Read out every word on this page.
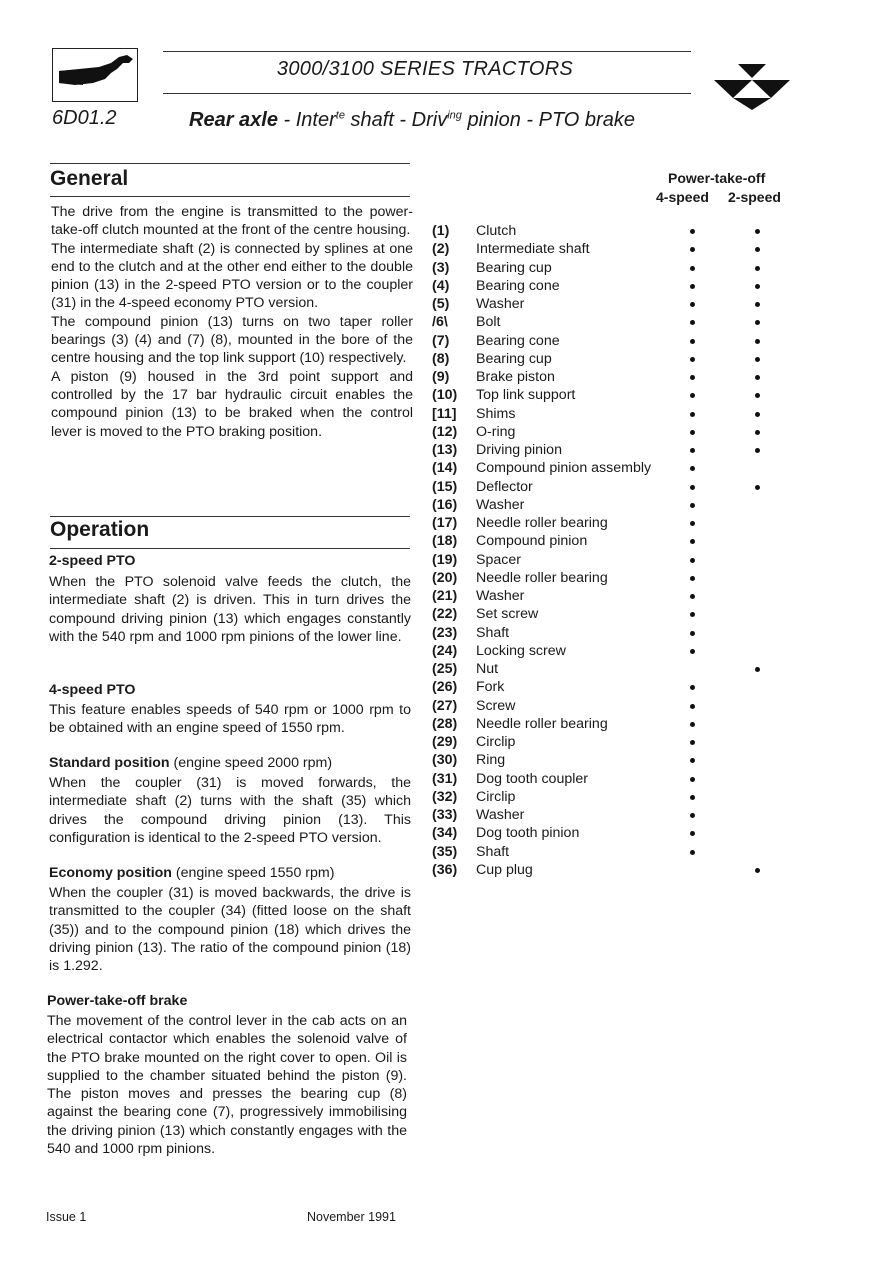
3000/3100 SERIES TRACTORS
6D01.2	Rear axle - Inter$^{te}$ shaft - Driv$^{ing}$ pinion - PTO brake
General
The drive from the engine is transmitted to the power-take-off clutch mounted at the front of the centre housing.
The intermediate shaft (2) is connected by splines at one end to the clutch and at the other end either to the double pinion (13) in the 2-speed PTO version or to the coupler (31) in the 4-speed economy PTO version.
The compound pinion (13) turns on two taper roller bearings (3) (4) and (7) (8), mounted in the bore of the centre housing and the top link support (10) respectively.
A piston (9) housed in the 3rd point support and controlled by the 17 bar hydraulic circuit enables the compound pinion (13) to be braked when the control lever is moved to the PTO braking position.
Operation
2-speed PTO
When the PTO solenoid valve feeds the clutch, the intermediate shaft (2) is driven. This in turn drives the compound driving pinion (13) which engages constantly with the 540 rpm and 1000 rpm pinions of the lower line.
4-speed PTO
This feature enables speeds of 540 rpm or 1000 rpm to be obtained with an engine speed of 1550 rpm.
Standard position (engine speed 2000 rpm)
When the coupler (31) is moved forwards, the intermediate shaft (2) turns with the shaft (35) which drives the compound driving pinion (13). This configuration is identical to the 2-speed PTO version.
Economy position (engine speed 1550 rpm)
When the coupler (31) is moved backwards, the drive is transmitted to the coupler (34) (fitted loose on the shaft (35)) and to the compound pinion (18) which drives the driving pinion (13). The ratio of the compound pinion (18) is 1.292.
Power-take-off brake
The movement of the control lever in the cab acts on an electrical contactor which enables the solenoid valve of the PTO brake mounted on the right cover to open. Oil is supplied to the chamber situated behind the piston (9). The piston moves and presses the bearing cup (8) against the bearing cone (7), progressively immobilising the driving pinion (13) which constantly engages with the 540 and 1000 rpm pinions.
Power-take-off
4-speed 2-speed
(1) Clutch
(2) Intermediate shaft
(3) Bearing cup
(4) Bearing cone
(5) Washer
/6\ Bolt
(7) Bearing cone
(8) Bearing cup
(9) Brake piston
(10) Top link support
[11] Shims
(12) O-ring
(13) Driving pinion
(14) Compound pinion assembly
(15) Deflector
(16) Washer
(17) Needle roller bearing
(18) Compound pinion
(19) Spacer
(20) Needle roller bearing
(21) Washer
(22) Set screw
(23) Shaft
(24) Locking screw
(25) Nut
(26) Fork
(27) Screw
(28) Needle roller bearing
(29) Circlip
(30) Ring
(31) Dog tooth coupler
(32) Circlip
(33) Washer
(34) Dog tooth pinion
(35) Shaft
(36) Cup plug
Issue 1	November 1991
